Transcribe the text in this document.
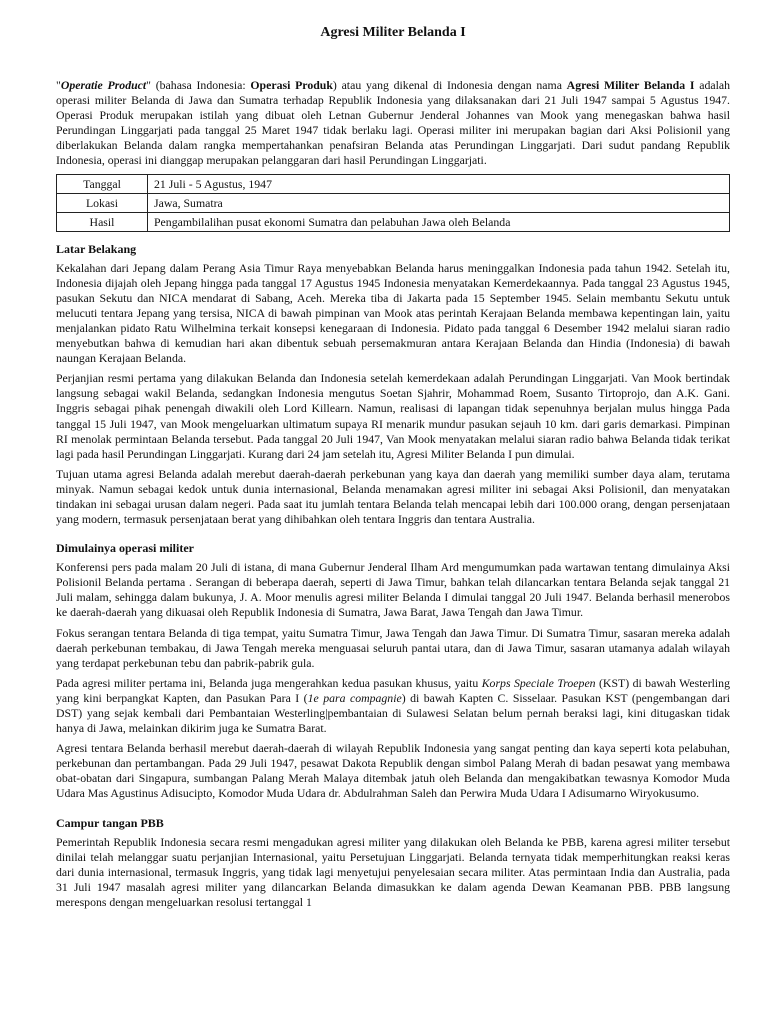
Agresi Militer Belanda I

"Operatie Product" (bahasa Indonesia: Operasi Produk) atau yang dikenal di Indonesia dengan nama Agresi Militer Belanda I adalah operasi militer Belanda di Jawa dan Sumatra terhadap Republik Indonesia yang dilaksanakan dari 21 Juli 1947 sampai 5 Agustus 1947. Operasi Produk merupakan istilah yang dibuat oleh Letnan Gubernur Jenderal Johannes van Mook yang menegaskan bahwa hasil Perundingan Linggarjati pada tanggal 25 Maret 1947 tidak berlaku lagi. Operasi militer ini merupakan bagian dari Aksi Polisionil yang diberlakukan Belanda dalam rangka mempertahankan penafsiran Belanda atas Perundingan Linggarjati. Dari sudut pandang Republik Indonesia, operasi ini dianggap merupakan pelanggaran dari hasil Perundingan Linggarjati.

Tanggal	21 Juli - 5 Agustus, 1947
Lokasi	Jawa, Sumatra
Hasil	Pengambilalihan pusat ekonomi Sumatra dan pelabuhan Jawa oleh Belanda
Latar Belakang

Kekalahan dari Jepang dalam Perang Asia Timur Raya menyebabkan Belanda harus meninggalkan Indonesia pada tahun 1942. Setelah itu, Indonesia dijajah oleh Jepang hingga pada tanggal 17 Agustus 1945 Indonesia menyatakan Kemerdekaannya. Pada tanggal 23 Agustus 1945, pasukan Sekutu dan NICA mendarat di Sabang, Aceh. Mereka tiba di Jakarta pada 15 September 1945. Selain membantu Sekutu untuk melucuti tentara Jepang yang tersisa, NICA di bawah pimpinan van Mook atas perintah Kerajaan Belanda membawa kepentingan lain, yaitu menjalankan pidato Ratu Wilhelmina terkait konsepsi kenegaraan di Indonesia. Pidato pada tanggal 6 Desember 1942 melalui siaran radio menyebutkan bahwa di kemudian hari akan dibentuk sebuah persemakmuran antara Kerajaan Belanda dan Hindia (Indonesia) di bawah naungan Kerajaan Belanda.

Perjanjian resmi pertama yang dilakukan Belanda dan Indonesia setelah kemerdekaan adalah Perundingan Linggarjati. Van Mook bertindak langsung sebagai wakil Belanda, sedangkan Indonesia mengutus Soetan Sjahrir, Mohammad Roem, Susanto Tirtoprojo, dan A.K. Gani. Inggris sebagai pihak penengah diwakili oleh Lord Killearn. Namun, realisasi di lapangan tidak sepenuhnya berjalan mulus hingga Pada tanggal 15 Juli 1947, van Mook mengeluarkan ultimatum supaya RI menarik mundur pasukan sejauh 10 km. dari garis demarkasi. Pimpinan RI menolak permintaan Belanda tersebut. Pada tanggal 20 Juli 1947, Van Mook menyatakan melalui siaran radio bahwa Belanda tidak terikat lagi pada hasil Perundingan Linggarjati. Kurang dari 24 jam setelah itu, Agresi Militer Belanda I pun dimulai.

Tujuan utama agresi Belanda adalah merebut daerah-daerah perkebunan yang kaya dan daerah yang memiliki sumber daya alam, terutama minyak. Namun sebagai kedok untuk dunia internasional, Belanda menamakan agresi militer ini sebagai Aksi Polisionil, dan menyatakan tindakan ini sebagai urusan dalam negeri. Pada saat itu jumlah tentara Belanda telah mencapai lebih dari 100.000 orang, dengan persenjataan yang modern, termasuk persenjataan berat yang dihibahkan oleh tentara Inggris dan tentara Australia.

Dimulainya operasi militer

Konferensi pers pada malam 20 Juli di istana, di mana Gubernur Jenderal Ilham Ard mengumumkan pada wartawan tentang dimulainya Aksi Polisionil Belanda pertama . Serangan di beberapa daerah, seperti di Jawa Timur, bahkan telah dilancarkan tentara Belanda sejak tanggal 21 Juli malam, sehingga dalam bukunya, J. A. Moor menulis agresi militer Belanda I dimulai tanggal 20 Juli 1947. Belanda berhasil menerobos ke daerah-daerah yang dikuasai oleh Republik Indonesia di Sumatra, Jawa Barat, Jawa Tengah dan Jawa Timur.

Fokus serangan tentara Belanda di tiga tempat, yaitu Sumatra Timur, Jawa Tengah dan Jawa Timur. Di Sumatra Timur, sasaran mereka adalah daerah perkebunan tembakau, di Jawa Tengah mereka menguasai seluruh pantai utara, dan di Jawa Timur, sasaran utamanya adalah wilayah yang terdapat perkebunan tebu dan pabrik-pabrik gula.

Pada agresi militer pertama ini, Belanda juga mengerahkan kedua pasukan khusus, yaitu Korps Speciale Troepen (KST) di bawah Westerling yang kini berpangkat Kapten, dan Pasukan Para I (1e para compagnie) di bawah Kapten C. Sisselaar. Pasukan KST (pengembangan dari DST) yang sejak kembali dari Pembantaian Westerling|pembantaian di Sulawesi Selatan belum pernah beraksi lagi, kini ditugaskan tidak hanya di Jawa, melainkan dikirim juga ke Sumatra Barat.

Agresi tentara Belanda berhasil merebut daerah-daerah di wilayah Republik Indonesia yang sangat penting dan kaya seperti kota pelabuhan, perkebunan dan pertambangan. Pada 29 Juli 1947, pesawat Dakota Republik dengan simbol Palang Merah di badan pesawat yang membawa obat-obatan dari Singapura, sumbangan Palang Merah Malaya ditembak jatuh oleh Belanda dan mengakibatkan tewasnya Komodor Muda Udara Mas Agustinus Adisucipto, Komodor Muda Udara dr. Abdulrahman Saleh dan Perwira Muda Udara I Adisumarno Wiryokusumo.

Campur tangan PBB

Pemerintah Republik Indonesia secara resmi mengadukan agresi militer yang dilakukan oleh Belanda ke PBB, karena agresi militer tersebut dinilai telah melanggar suatu perjanjian Internasional, yaitu Persetujuan Linggarjati. Belanda ternyata tidak memperhitungkan reaksi keras dari dunia internasional, termasuk Inggris, yang tidak lagi menyetujui penyelesaian secara militer. Atas permintaan India dan Australia, pada 31 Juli 1947 masalah agresi militer yang dilancarkan Belanda dimasukkan ke dalam agenda Dewan Keamanan PBB. PBB langsung merespons dengan mengeluarkan resolusi tertanggal 1
